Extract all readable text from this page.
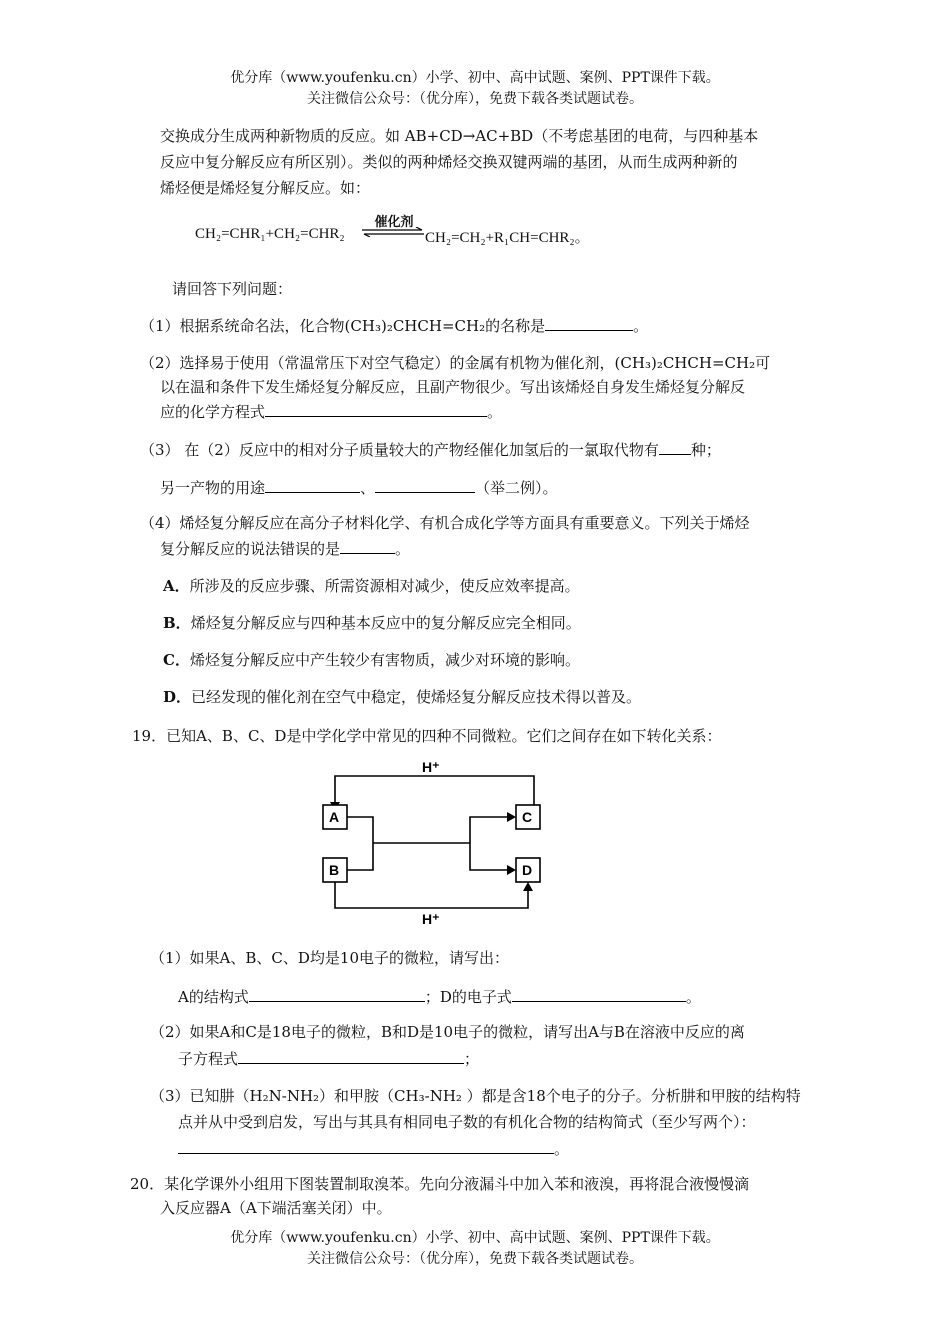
优分库（www.youfenku.cn）小学、初中、高中试题、案例、PPT课件下载。
关注微信公众号：（优分库），免费下载各类试题试卷。
交换成分生成两种新物质的反应。如 AB+CD→AC+BD（不考虑基团的电荷，与四种基本
反应中复分解反应有所区别）。类似的两种烯烃交换双键两端的基团，从而生成两种新的
烯烃便是烯烃复分解反应。如：
CH₂=CHR₁+CH₂=CHR₂
催化剂
CH₂=CH₂+R₁CH=CHR₂。
请回答下列问题：
（1）根据系统命名法，化合物(CH₃)₂CHCH=CH₂的名称是	。
（2）选择易于使用（常温常压下对空气稳定）的金属有机物为催化剂，(CH₃)₂CHCH=CH₂可
以在温和条件下发生烯烃复分解反应，且副产物很少。写出该烯烃自身发生烯烃复分解反
应的化学方程式	。
（3） 在（2）反应中的相对分子质量较大的产物经催化加氢后的一氯取代物有 种；
另一产物的用途	、	（举二例）。
（4）烯烃复分解反应在高分子材料化学、有机合成化学等方面具有重要意义。下列关于烯烃
复分解反应的说法错误的是	。
A．所涉及的反应步骤、所需资源相对减少，使反应效率提高。
B．烯烃复分解反应与四种基本反应中的复分解反应完全相同。
C．烯烃复分解反应中产生较少有害物质，减少对环境的影响。
D．已经发现的催化剂在空气中稳定，使烯烃复分解反应技术得以普及。
19．已知A、B、C、D是中学化学中常见的四种不同微粒。它们之间存在如下转化关系：
H⁺
A	C
B	D
H⁺
（1）如果A、B、C、D均是10电子的微粒，请写出：
A的结构式	；D的电子式	。
（2）如果A和C是18电子的微粒，B和D是10电子的微粒，请写出A与B在溶液中反应的离
子方程式	；
（3）已知肼（H₂N-NH₂）和甲胺（CH₃-NH₂ ）都是含18个电子的分子。分析肼和甲胺的结构特
点并从中受到启发，写出与其具有相同电子数的有机化合物的结构简式（至少写两个）：
。
20．某化学课外小组用下图装置制取溴苯。先向分液漏斗中加入苯和液溴，再将混合液慢慢滴
入反应器A（A下端活塞关闭）中。
优分库（www.youfenku.cn）小学、初中、高中试题、案例、PPT课件下载。
关注微信公众号：（优分库），免费下载各类试题试卷。
